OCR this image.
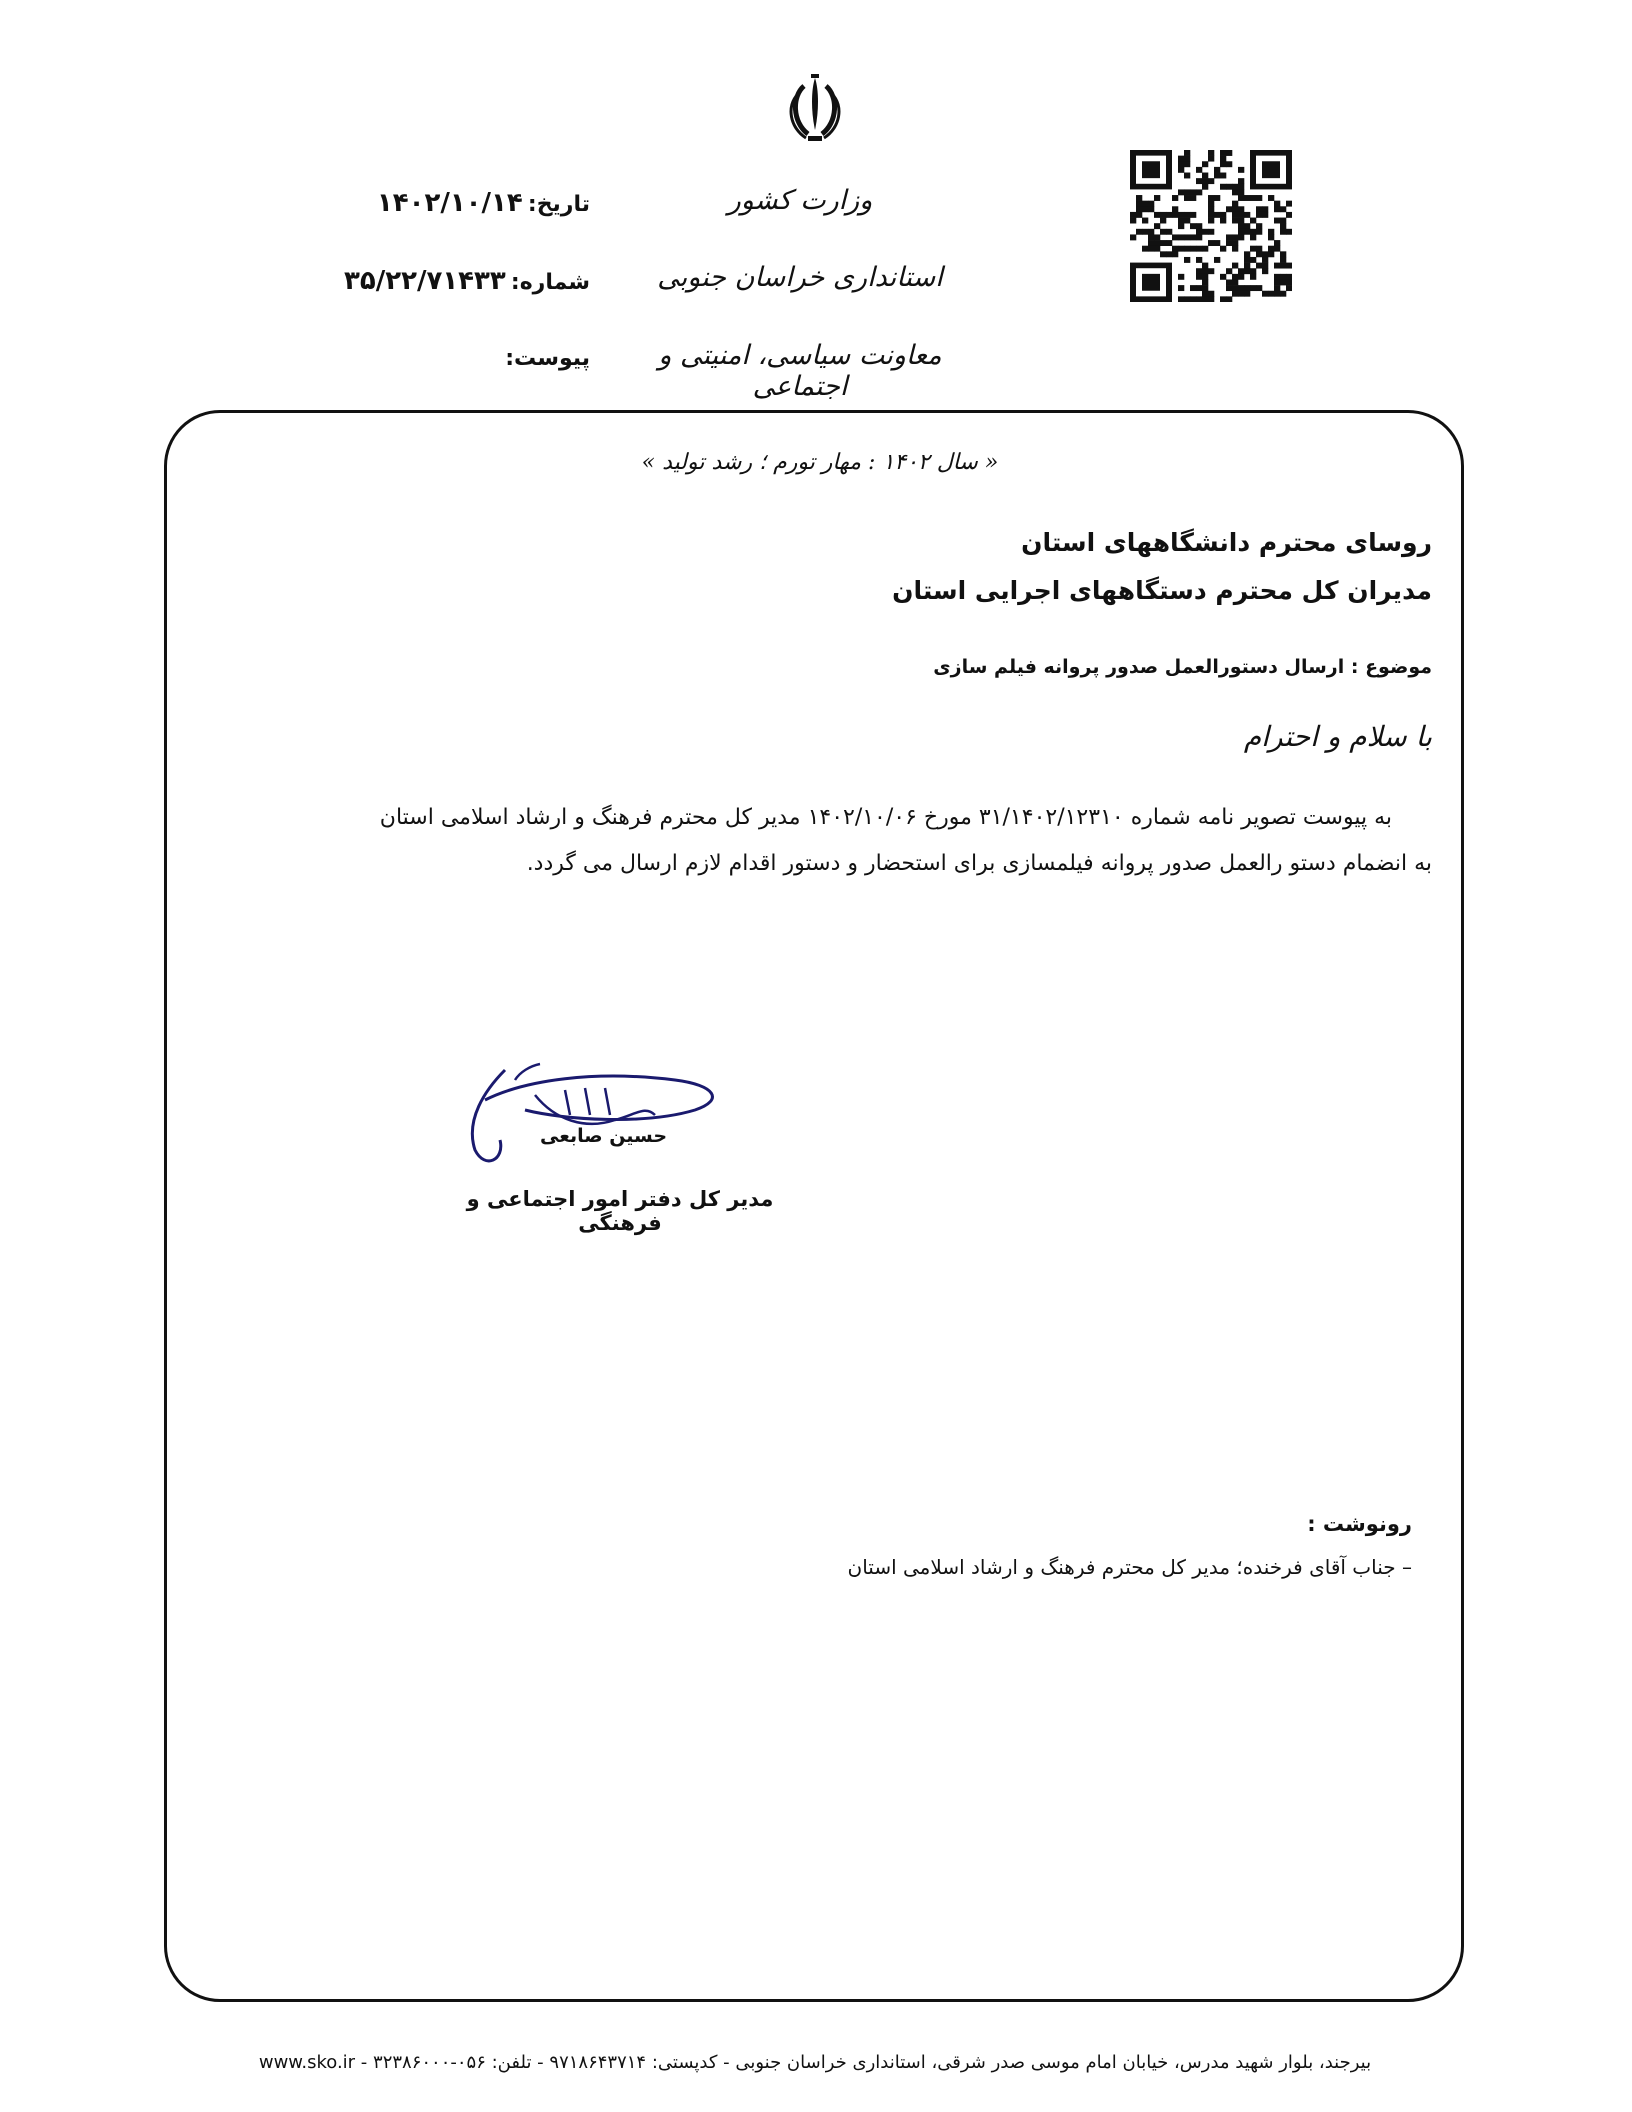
وزارت کشور
استانداری خراسان جنوبی
معاونت سیاسی، امنیتی و اجتماعی
تاریخ: ۱۴۰۲/۱۰/۱۴
شماره: ۳۵/۲۲/۷۱۴۳۳
پیوست:
« سال ۱۴۰۲ : مهار تورم ؛ رشد تولید »
روسای محترم دانشگاههای استان
مدیران کل محترم دستگاههای اجرایی استان
موضوع : ارسال دستورالعمل صدور پروانه فیلم سازی
با سلام و احترام
به پیوست تصویر نامه شماره ۳۱/۱۴۰۲/۱۲۳۱۰ مورخ ۱۴۰۲/۱۰/۰۶ مدیر کل محترم فرهنگ و ارشاد اسلامی استان
به انضمام دستو رالعمل صدور پروانه فیلمسازی برای استحضار و دستور اقدام لازم ارسال می گردد.
حسین صابعی
مدیر کل دفتر امور اجتماعی و فرهنگی
رونوشت :
– جناب آقای فرخنده؛ مدیر کل محترم فرهنگ و ارشاد اسلامی استان
بیرجند، بلوار شهید مدرس، خیابان امام موسی صدر شرقی، استانداری خراسان جنوبی - کدپستی: ۹۷۱۸۶۴۳۷۱۴ - تلفن: ۰۵۶-۳۲۳۸۶۰۰۰ - www.sko.ir
